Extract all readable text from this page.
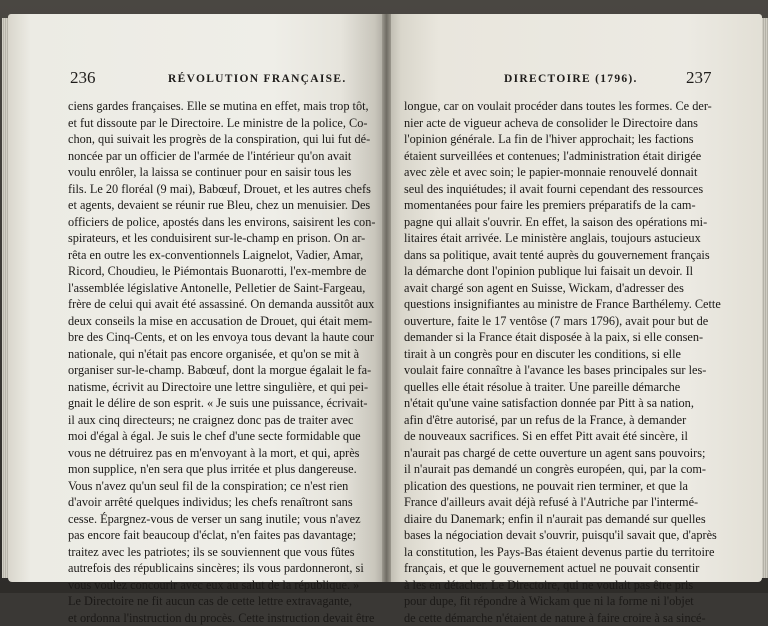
236	RÉVOLUTION FRANÇAISE.
ciens gardes françaises. Elle se mutina en effet, mais trop tôt,
et fut dissoute par le Directoire. Le ministre de la police, Co-
chon, qui suivait les progrès de la conspiration, qui lui fut dé-
noncée par un officier de l'armée de l'intérieur qu'on avait
voulu enrôler, la laissa se continuer pour en saisir tous les
fils. Le 20 floréal (9 mai), Babœuf, Drouet, et les autres chefs
et agents, devaient se réunir rue Bleu, chez un menuisier. Des
officiers de police, apostés dans les environs, saisirent les con-
spirateurs, et les conduisirent sur-le-champ en prison. On ar-
rêta en outre les ex-conventionnels Laignelot, Vadier, Amar,
Ricord, Choudieu, le Piémontais Buonarotti, l'ex-membre de
l'assemblée législative Antonelle, Pelletier de Saint-Fargeau,
frère de celui qui avait été assassiné. On demanda aussitôt aux
deux conseils la mise en accusation de Drouet, qui était mem-
bre des Cinq-Cents, et on les envoya tous devant la haute cour
nationale, qui n'était pas encore organisée, et qu'on se mit à
organiser sur-le-champ. Babœuf, dont la morgue égalait le fa-
natisme, écrivit au Directoire une lettre singulière, et qui pei-
gnait le délire de son esprit. « Je suis une puissance, écrivait-
il aux cinq directeurs; ne craignez donc pas de traiter avec
moi d'égal à égal. Je suis le chef d'une secte formidable que
vous ne détruirez pas en m'envoyant à la mort, et qui, après
mon supplice, n'en sera que plus irritée et plus dangereuse.
Vous n'avez qu'un seul fil de la conspiration; ce n'est rien
d'avoir arrêté quelques individus; les chefs renaîtront sans
cesse. Épargnez-vous de verser un sang inutile; vous n'avez
pas encore fait beaucoup d'éclat, n'en faites pas davantage;
traitez avec les patriotes; ils se souviennent que vous fûtes
autrefois des républicains sincères; ils vous pardonneront, si
vous voulez concourir avec eux au salut de la république. »
Le Directoire ne fit aucun cas de cette lettre extravagante,
et ordonna l'instruction du procès. Cette instruction devait être
DIRECTOIRE (1796).	237
longue, car on voulait procéder dans toutes les formes. Ce der-
nier acte de vigueur acheva de consolider le Directoire dans
l'opinion générale. La fin de l'hiver approchait; les factions
étaient surveillées et contenues; l'administration était dirigée
avec zèle et avec soin; le papier-monnaie renouvelé donnait
seul des inquiétudes; il avait fourni cependant des ressources
momentanées pour faire les premiers préparatifs de la cam-
pagne qui allait s'ouvrir. En effet, la saison des opérations mi-
litaires était arrivée. Le ministère anglais, toujours astucieux
dans sa politique, avait tenté auprès du gouvernement français
la démarche dont l'opinion publique lui faisait un devoir. Il
avait chargé son agent en Suisse, Wickam, d'adresser des
questions insignifiantes au ministre de France Barthélemy. Cette
ouverture, faite le 17 ventôse (7 mars 1796), avait pour but de
demander si la France était disposée à la paix, si elle consen-
tirait à un congrès pour en discuter les conditions, si elle
voulait faire connaître à l'avance les bases principales sur les-
quelles elle était résolue à traiter. Une pareille démarche
n'était qu'une vaine satisfaction donnée par Pitt à sa nation,
afin d'être autorisé, par un refus de la France, à demander
de nouveaux sacrifices. Si en effet Pitt avait été sincère, il
n'aurait pas chargé de cette ouverture un agent sans pouvoirs;
il n'aurait pas demandé un congrès européen, qui, par la com-
plication des questions, ne pouvait rien terminer, et que la
France d'ailleurs avait déjà refusé à l'Autriche par l'intermé-
diaire du Danemark; enfin il n'aurait pas demandé sur quelles
bases la négociation devait s'ouvrir, puisqu'il savait que, d'après
la constitution, les Pays-Bas étaient devenus partie du territoire
français, et que le gouvernement actuel ne pouvait consentir
à les en détacher. Le Directoire, qui ne voulait pas être pris
pour dupe, fit répondre à Wickam que ni la forme ni l'objet
de cette démarche n'étaient de nature à faire croire à sa sincé-
